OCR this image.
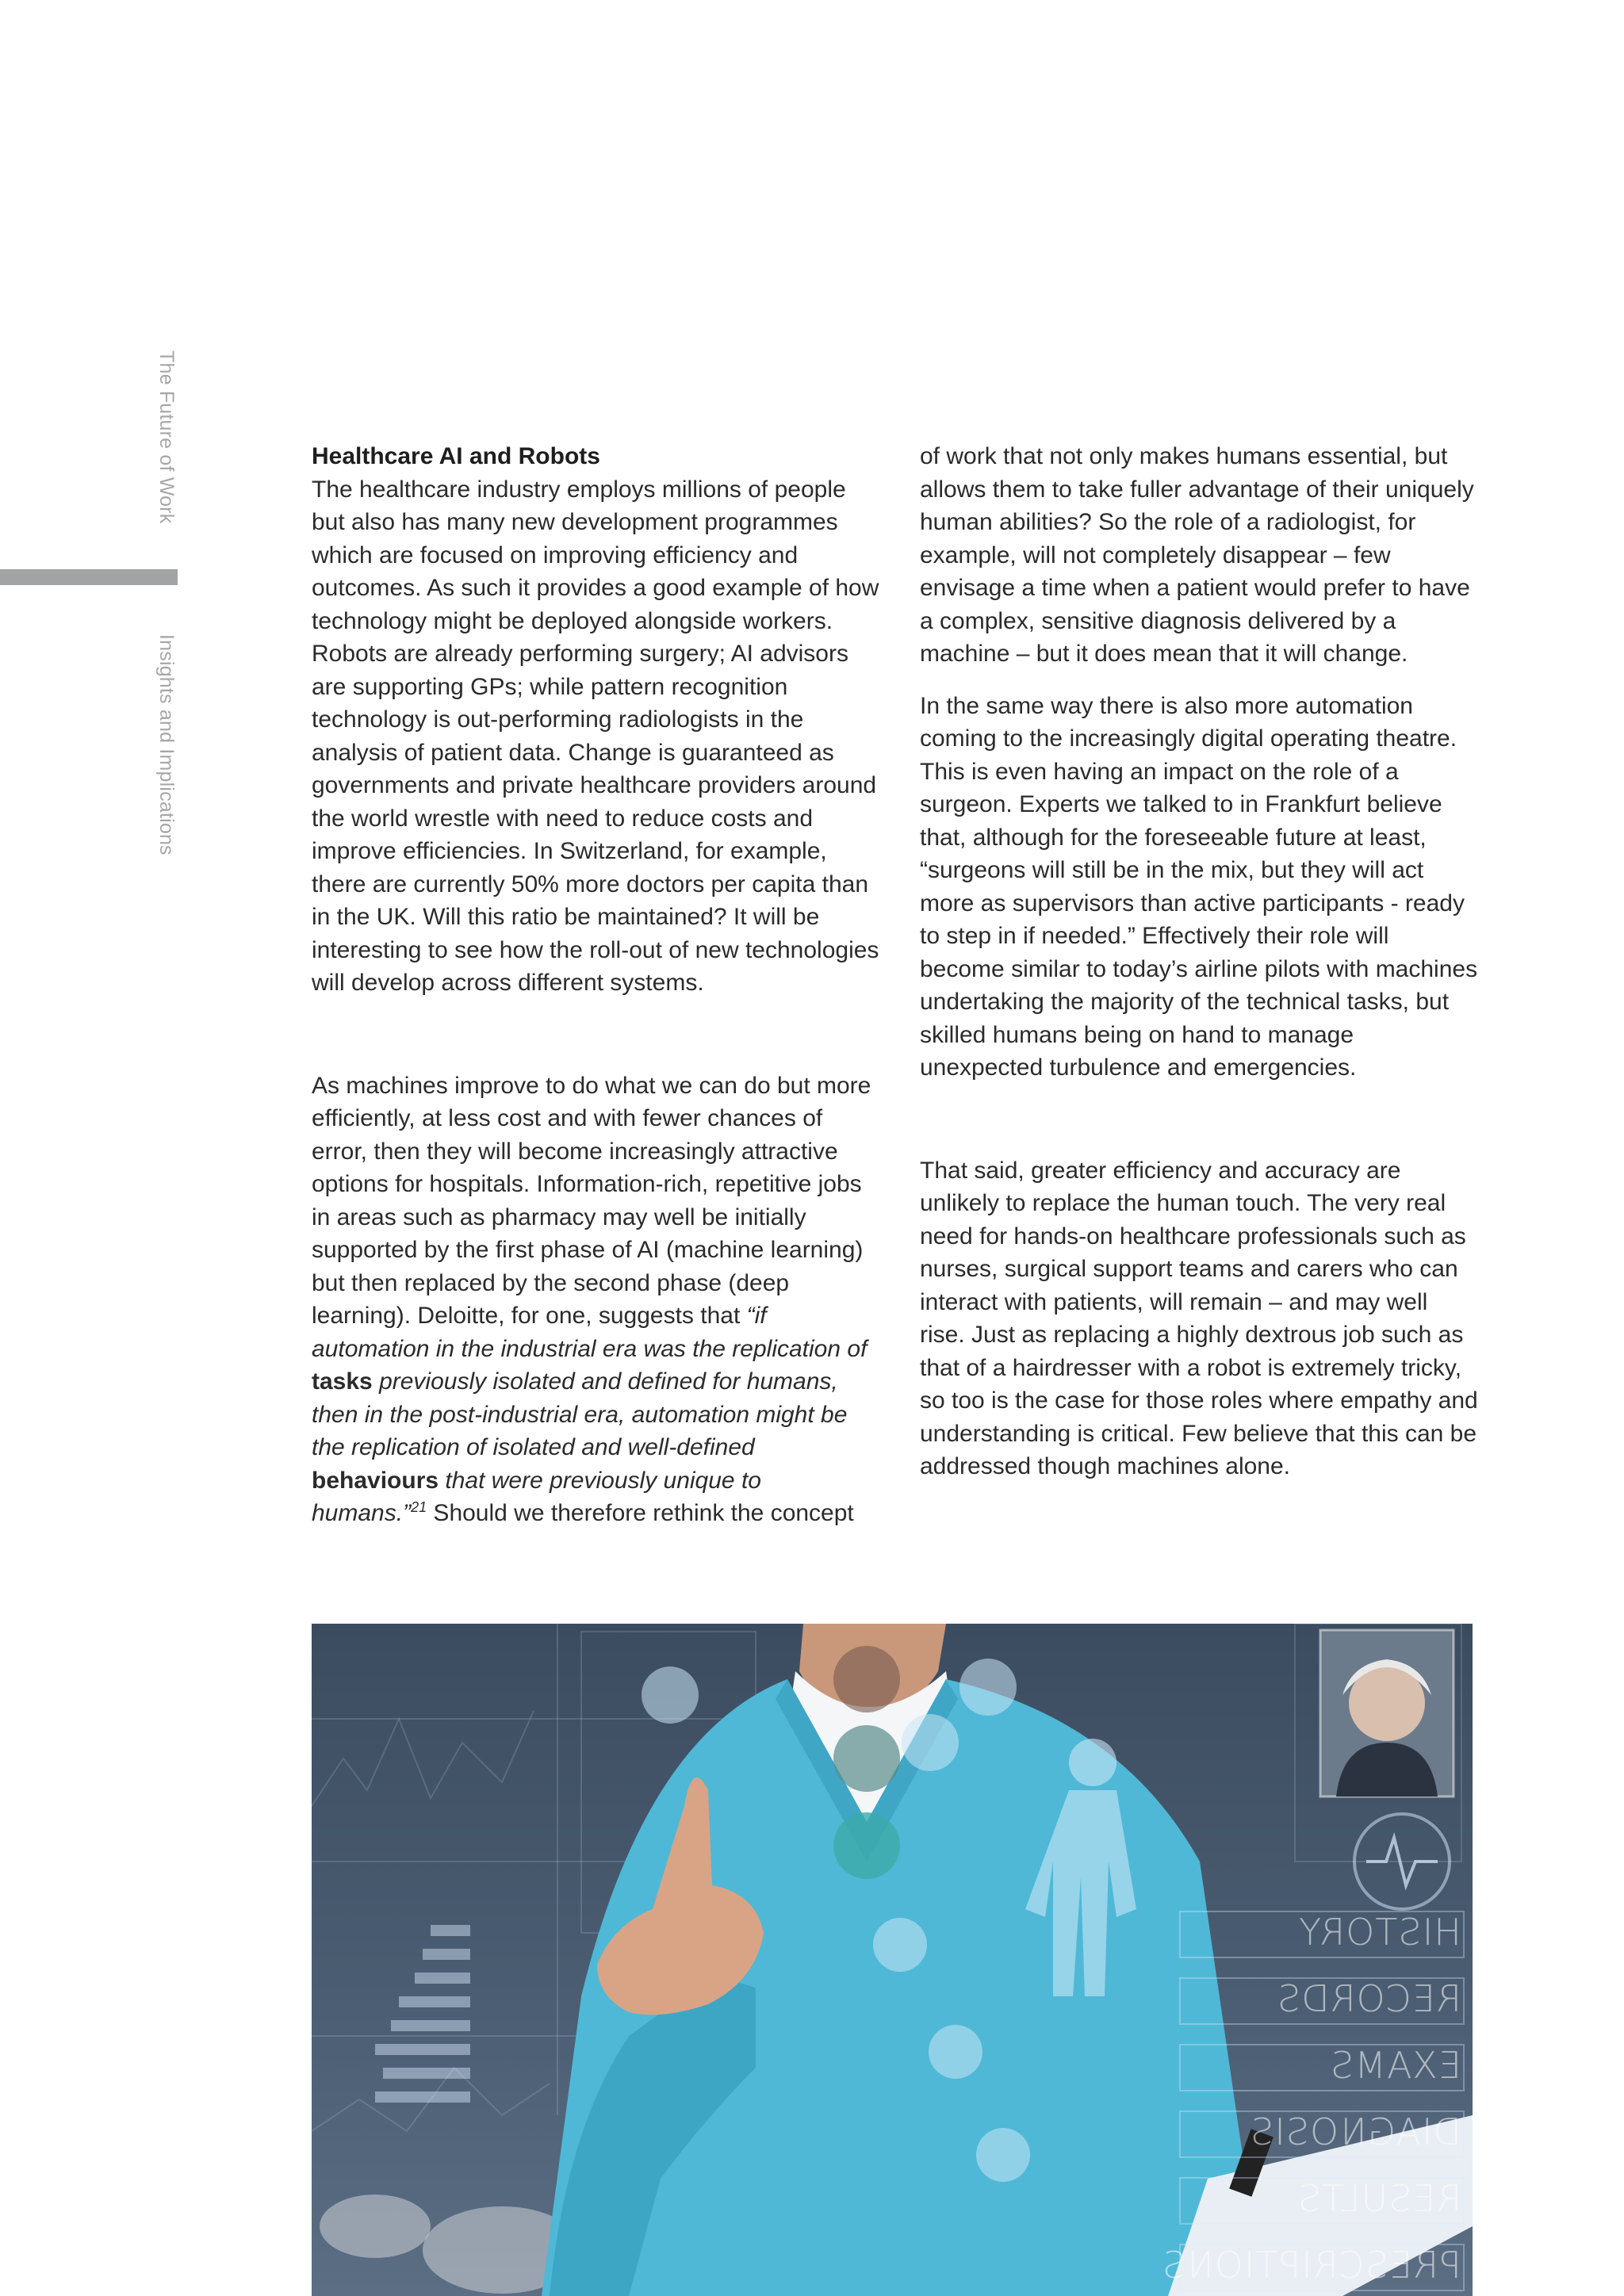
The Future of Work
Insights and Implications

Healthcare AI and Robots

The healthcare industry employs millions of people but also has many new development programmes which are focused on improving efficiency and outcomes. As such it provides a good example of how technology might be deployed alongside workers. Robots are already performing surgery; AI advisors are supporting GPs; while pattern recognition technology is out-performing radiologists in the analysis of patient data. Change is guaranteed as governments and private healthcare providers around the world wrestle with need to reduce costs and improve efficiencies. In Switzerland, for example, there are currently 50% more doctors per capita than in the UK. Will this ratio be maintained? It will be interesting to see how the roll-out of new technologies will develop across different systems.

As machines improve to do what we can do but more efficiently, at less cost and with fewer chances of error, then they will become increasingly attractive options for hospitals. Information-rich, repetitive jobs in areas such as pharmacy may well be initially supported by the first phase of AI (machine learning) but then replaced by the second phase (deep learning). Deloitte, for one, suggests that “if automation in the industrial era was the replication of tasks previously isolated and defined for humans, then in the post-industrial era, automation might be the replication of isolated and well-defined behaviours that were previously unique to humans.”$^{21}$ Should we therefore rethink the concept

of work that not only makes humans essential, but allows them to take fuller advantage of their uniquely human abilities? So the role of a radiologist, for example, will not completely disappear – few envisage a time when a patient would prefer to have a complex, sensitive diagnosis delivered by a machine – but it does mean that it will change.

In the same way there is also more automation coming to the increasingly digital operating theatre. This is even having an impact on the role of a surgeon. Experts we talked to in Frankfurt believe that, although for the foreseeable future at least, “surgeons will still be in the mix, but they will act more as supervisors than active participants - ready to step in if needed.” Effectively their role will become similar to today’s airline pilots with machines undertaking the majority of the technical tasks, but skilled humans being on hand to manage unexpected turbulence and emergencies.

That said, greater efficiency and accuracy are unlikely to replace the human touch. The very real need for hands-on healthcare professionals such as nurses, surgical support teams and carers who can interact with patients, will remain – and may well rise. Just as replacing a highly dextrous job such as that of a hairdresser with a robot is extremely tricky, so too is the case for those roles where empathy and understanding is critical. Few believe that this can be addressed though machines alone.

HISTORY
RECORDS
EXAMS
DIAGNOSIS
RESULTS
PRESCRIPTIONS
